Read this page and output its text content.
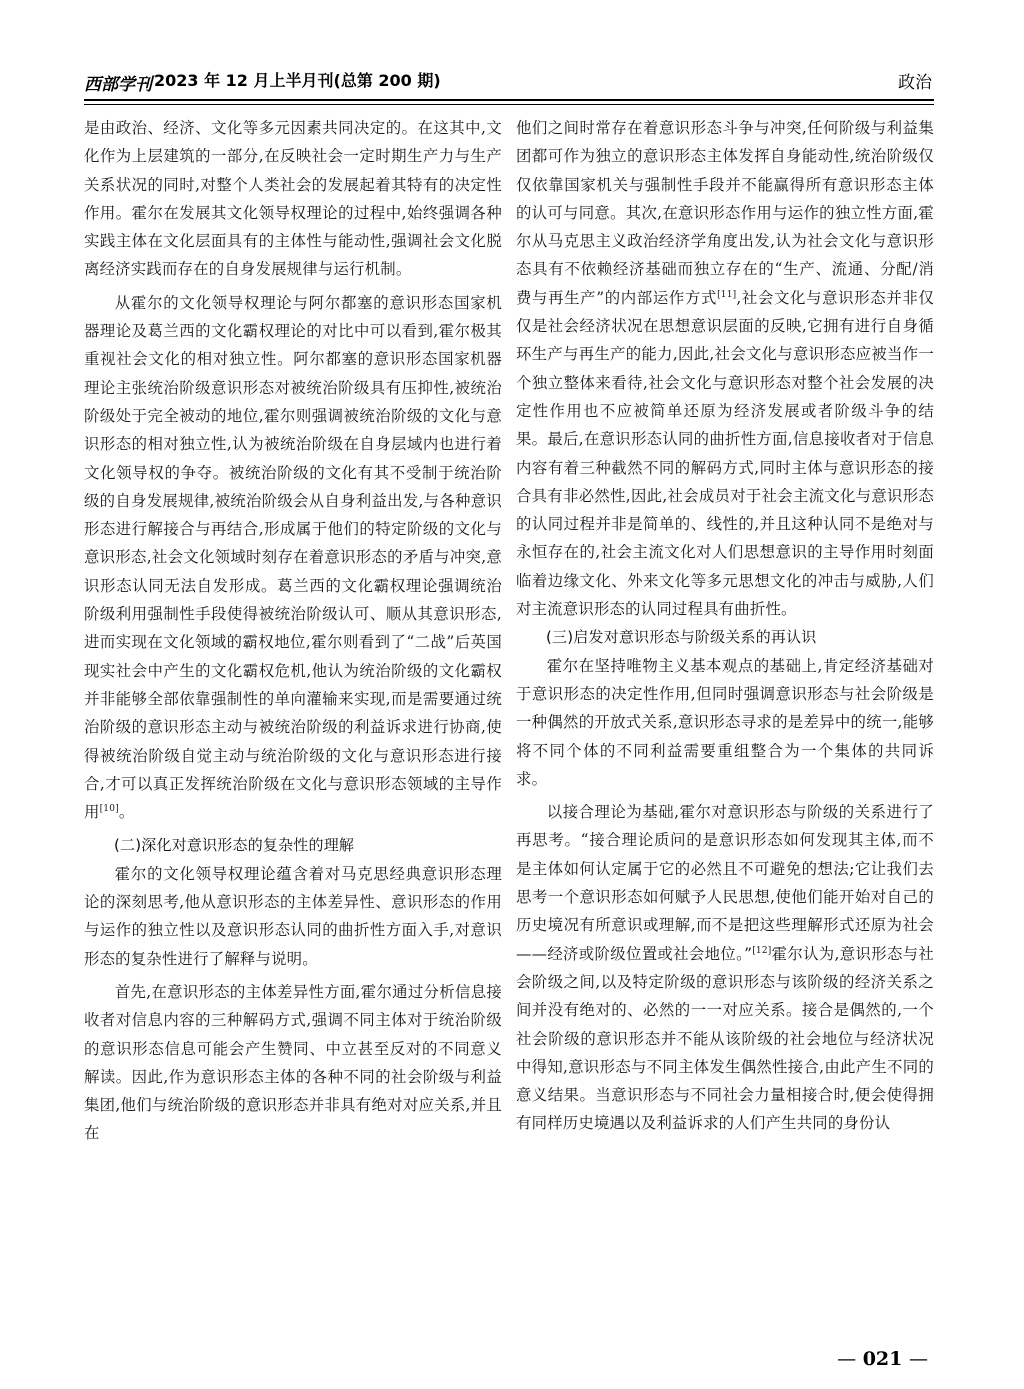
西部学刊 2023 年 12 月上半月刊(总第 200 期)	政治

是由政治、经济、文化等多元因素共同决定的。在这其中,文化作为上层建筑的一部分,在反映社会一定时期生产力与生产关系状况的同时,对整个人类社会的发展起着其特有的决定性作用。霍尔在发展其文化领导权理论的过程中,始终强调各种实践主体在文化层面具有的主体性与能动性,强调社会文化脱离经济实践而存在的自身发展规律与运行机制。

从霍尔的文化领导权理论与阿尔都塞的意识形态国家机器理论及葛兰西的文化霸权理论的对比中可以看到,霍尔极其重视社会文化的相对独立性。阿尔都塞的意识形态国家机器理论主张统治阶级意识形态对被统治阶级具有压抑性,被统治阶级处于完全被动的地位,霍尔则强调被统治阶级的文化与意识形态的相对独立性,认为被统治阶级在自身层域内也进行着文化领导权的争夺。被统治阶级的文化有其不受制于统治阶级的自身发展规律,被统治阶级会从自身利益出发,与各种意识形态进行解接合与再结合,形成属于他们的特定阶级的文化与意识形态,社会文化领域时刻存在着意识形态的矛盾与冲突,意识形态认同无法自发形成。葛兰西的文化霸权理论强调统治阶级利用强制性手段使得被统治阶级认可、顺从其意识形态,进而实现在文化领域的霸权地位,霍尔则看到了“二战”后英国现实社会中产生的文化霸权危机,他认为统治阶级的文化霸权并非能够全部依靠强制性的单向灌输来实现,而是需要通过统治阶级的意识形态主动与被统治阶级的利益诉求进行协商,使得被统治阶级自觉主动与统治阶级的文化与意识形态进行接合,才可以真正发挥统治阶级在文化与意识形态领域的主导作用[10]。

(二)深化对意识形态的复杂性的理解

霍尔的文化领导权理论蕴含着对马克思经典意识形态理论的深刻思考,他从意识形态的主体差异性、意识形态的作用与运作的独立性以及意识形态认同的曲折性方面入手,对意识形态的复杂性进行了解释与说明。

首先,在意识形态的主体差异性方面,霍尔通过分析信息接收者对信息内容的三种解码方式,强调不同主体对于统治阶级的意识形态信息可能会产生赞同、中立甚至反对的不同意义解读。因此,作为意识形态主体的各种不同的社会阶级与利益集团,他们与统治阶级的意识形态并非具有绝对对应关系,并且在

他们之间时常存在着意识形态斗争与冲突,任何阶级与利益集团都可作为独立的意识形态主体发挥自身能动性,统治阶级仅仅依靠国家机关与强制性手段并不能赢得所有意识形态主体的认可与同意。其次,在意识形态作用与运作的独立性方面,霍尔从马克思主义政治经济学角度出发,认为社会文化与意识形态具有不依赖经济基础而独立存在的“生产、流通、分配/消费与再生产”的内部运作方式[11],社会文化与意识形态并非仅仅是社会经济状况在思想意识层面的反映,它拥有进行自身循环生产与再生产的能力,因此,社会文化与意识形态应被当作一个独立整体来看待,社会文化与意识形态对整个社会发展的决定性作用也不应被简单还原为经济发展或者阶级斗争的结果。最后,在意识形态认同的曲折性方面,信息接收者对于信息内容有着三种截然不同的解码方式,同时主体与意识形态的接合具有非必然性,因此,社会成员对于社会主流文化与意识形态的认同过程并非是简单的、线性的,并且这种认同不是绝对与永恒存在的,社会主流文化对人们思想意识的主导作用时刻面临着边缘文化、外来文化等多元思想文化的冲击与威胁,人们对主流意识形态的认同过程具有曲折性。

(三)启发对意识形态与阶级关系的再认识

霍尔在坚持唯物主义基本观点的基础上,肯定经济基础对于意识形态的决定性作用,但同时强调意识形态与社会阶级是一种偶然的开放式关系,意识形态寻求的是差异中的统一,能够将不同个体的不同利益需要重组整合为一个集体的共同诉求。

以接合理论为基础,霍尔对意识形态与阶级的关系进行了再思考。“接合理论质问的是意识形态如何发现其主体,而不是主体如何认定属于它的必然且不可避免的想法;它让我们去思考一个意识形态如何赋予人民思想,使他们能开始对自己的历史境况有所意识或理解,而不是把这些理解形式还原为社会——经济或阶级位置或社会地位。”[12]霍尔认为,意识形态与社会阶级之间,以及特定阶级的意识形态与该阶级的经济关系之间并没有绝对的、必然的一一对应关系。接合是偶然的,一个社会阶级的意识形态并不能从该阶级的社会地位与经济状况中得知,意识形态与不同主体发生偶然性接合,由此产生不同的意义结果。当意识形态与不同社会力量相接合时,便会使得拥有同样历史境遇以及利益诉求的人们产生共同的身份认

— 021 —
